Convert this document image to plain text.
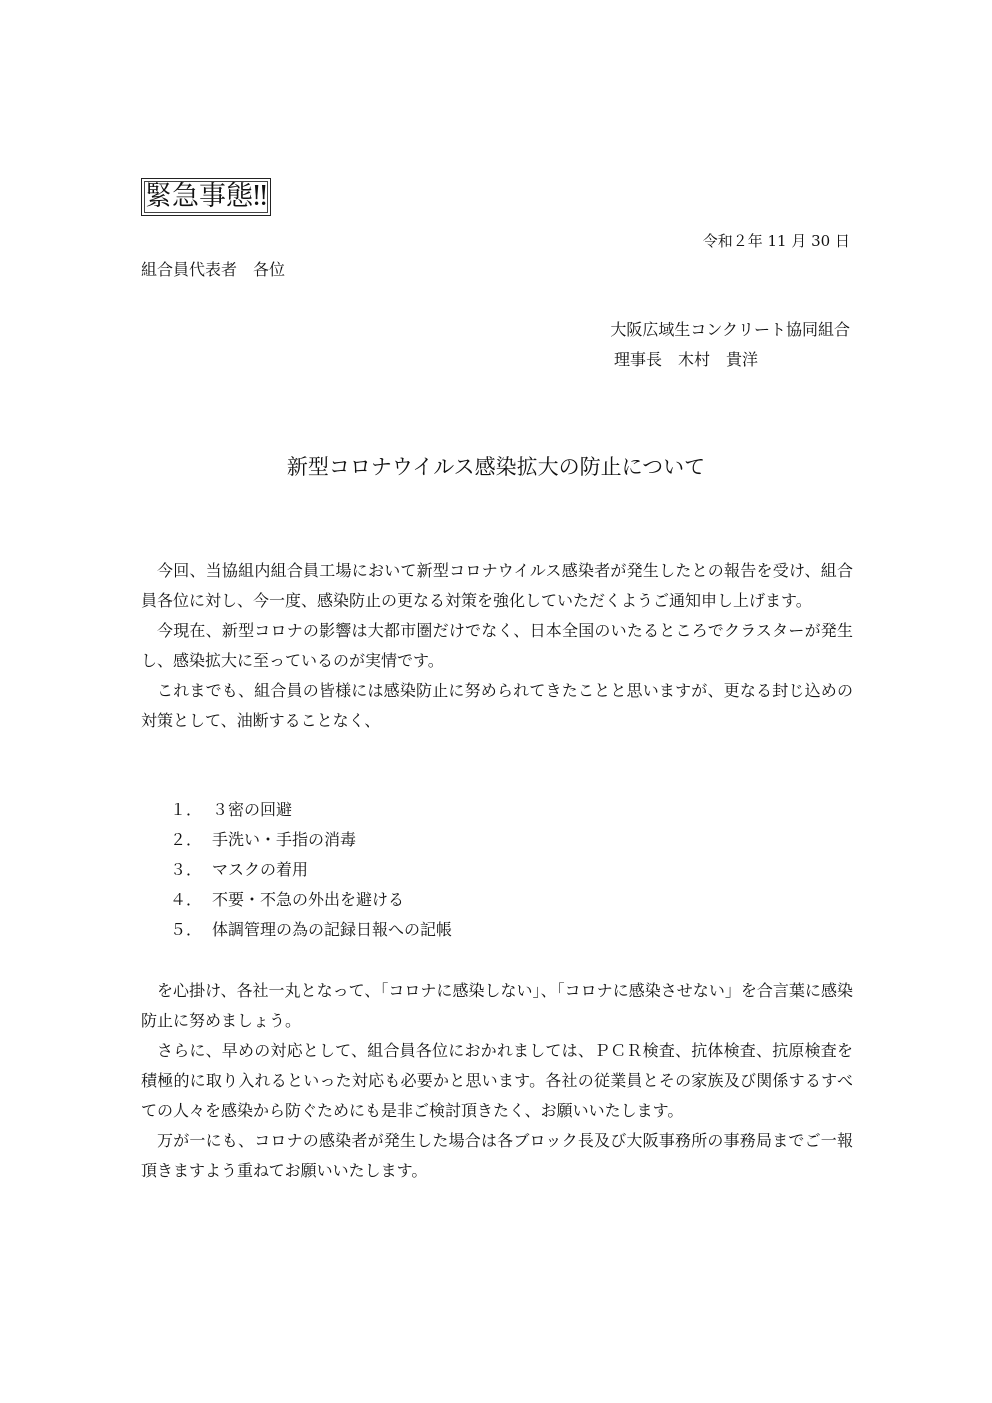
緊急事態‼
令和２年 11 月 30 日
組合員代表者　各位
大阪広域生コンクリート協同組合
理事長　木村　貴洋
新型コロナウイルス感染拡大の防止について

今回、当協組内組合員工場において新型コロナウイルス感染者が発生したとの報告を受け、組合員各位に対し、今一度、感染防止の更なる対策を強化していただくようご通知申し上げます。

今現在、新型コロナの影響は大都市圏だけでなく、日本全国のいたるところでクラスターが発生し、感染拡大に至っているのが実情です。

これまでも、組合員の皆様には感染防止に努められてきたことと思いますが、更なる封じ込めの対策として、油断することなく、

１． ３密の回避
２． 手洗い・手指の消毒
３． マスクの着用
４． 不要・不急の外出を避ける
５． 体調管理の為の記録日報への記帳

を心掛け、各社一丸となって、「コロナに感染しない」、「コロナに感染させない」を合言葉に感染防止に努めましょう。

さらに、早めの対応として、組合員各位におかれましては、ＰＣＲ検査、抗体検査、抗原検査を積極的に取り入れるといった対応も必要かと思います。各社の従業員とその家族及び関係するすべての人々を感染から防ぐためにも是非ご検討頂きたく、お願いいたします。

万が一にも、コロナの感染者が発生した場合は各ブロック長及び大阪事務所の事務局までご一報頂きますよう重ねてお願いいたします。
